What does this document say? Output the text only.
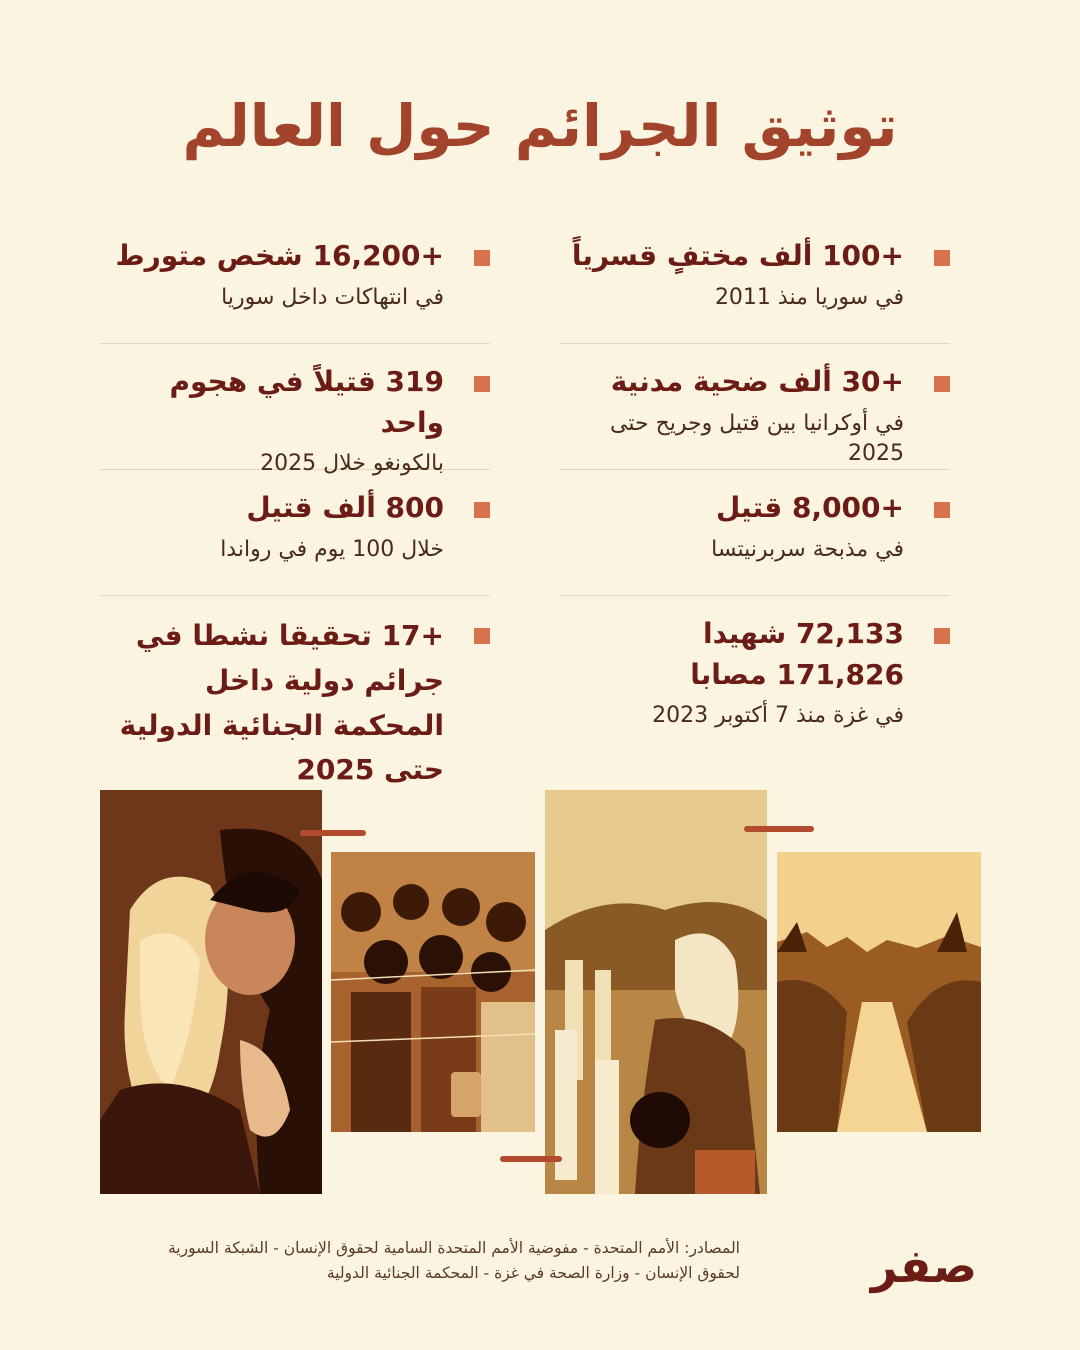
توثيق الجرائم حول العالم
+100 ألف مختفٍ قسرياً
في سوريا منذ 2011
+30 ألف ضحية مدنية
في أوكرانيا بين قتيل وجريح حتى 2025
+8,000 قتيل
في مذبحة سربرنيتسا
72,133 شهيدا
171,826 مصابا
في غزة منذ 7 أكتوبر 2023
+16,200 شخص متورط
في انتهاكات داخل سوريا
319 قتيلاً في هجوم واحد
بالكونغو خلال 2025
800 ألف قتيل
خلال 100 يوم في رواندا
+17 تحقيقا نشطا في جرائم دولية داخل المحكمة الجنائية الدولية حتى 2025
المصادر: الأمم المتحدة - مفوضية الأمم المتحدة السامية لحقوق الإنسان - الشبكة السورية
لحقوق الإنسان - وزارة الصحة في غزة - المحكمة الجنائية الدولية	صفر
